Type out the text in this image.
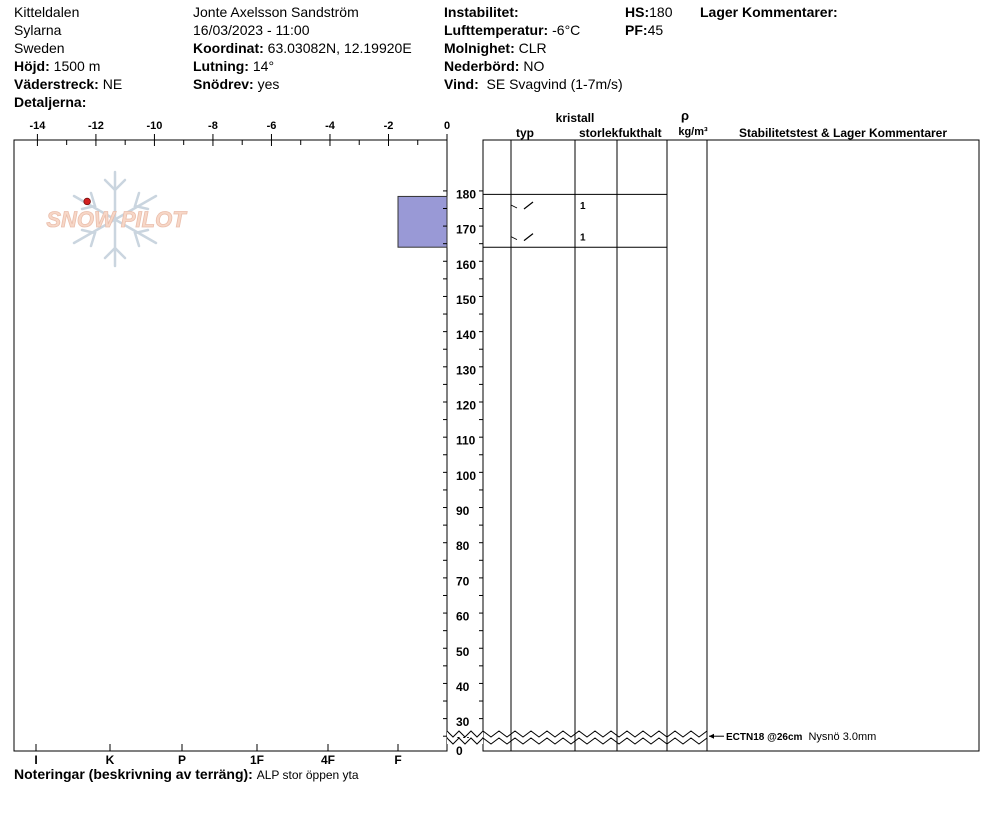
Kitteldalen
Sylarna
Sweden
Höjd: 1500 m
Väderstreck: NE
Detaljerna:
Jonte Axelsson Sandström
16/03/2023 - 11:00
Koordinat: 63.03082N, 12.19920E
Lutning: 14°
Snödrev: yes
Instabilitet:
Lufttemperatur: -6°C
Molnighet: CLR
Nederbörd: NO
Vind: SE Svagvind (1-7m/s)
HS:180
PF:45
Lager Kommentarer:
SNOW PILOT
-14	-12	-10	-8	-6	-4	-2	0
I	K	P	1F	4F	F
180
170
160
150
140
130
120
110
100
90
80
70
60
50
40
30
0
kristall
typ	storlek fukthalt
ρ
kg/m³	Stabilitetstest & Lager Kommentarer
1
1
ECTN18 @26cm Nysnö 3.0mm
Noteringar (beskrivning av terräng): ALP stor öppen yta
